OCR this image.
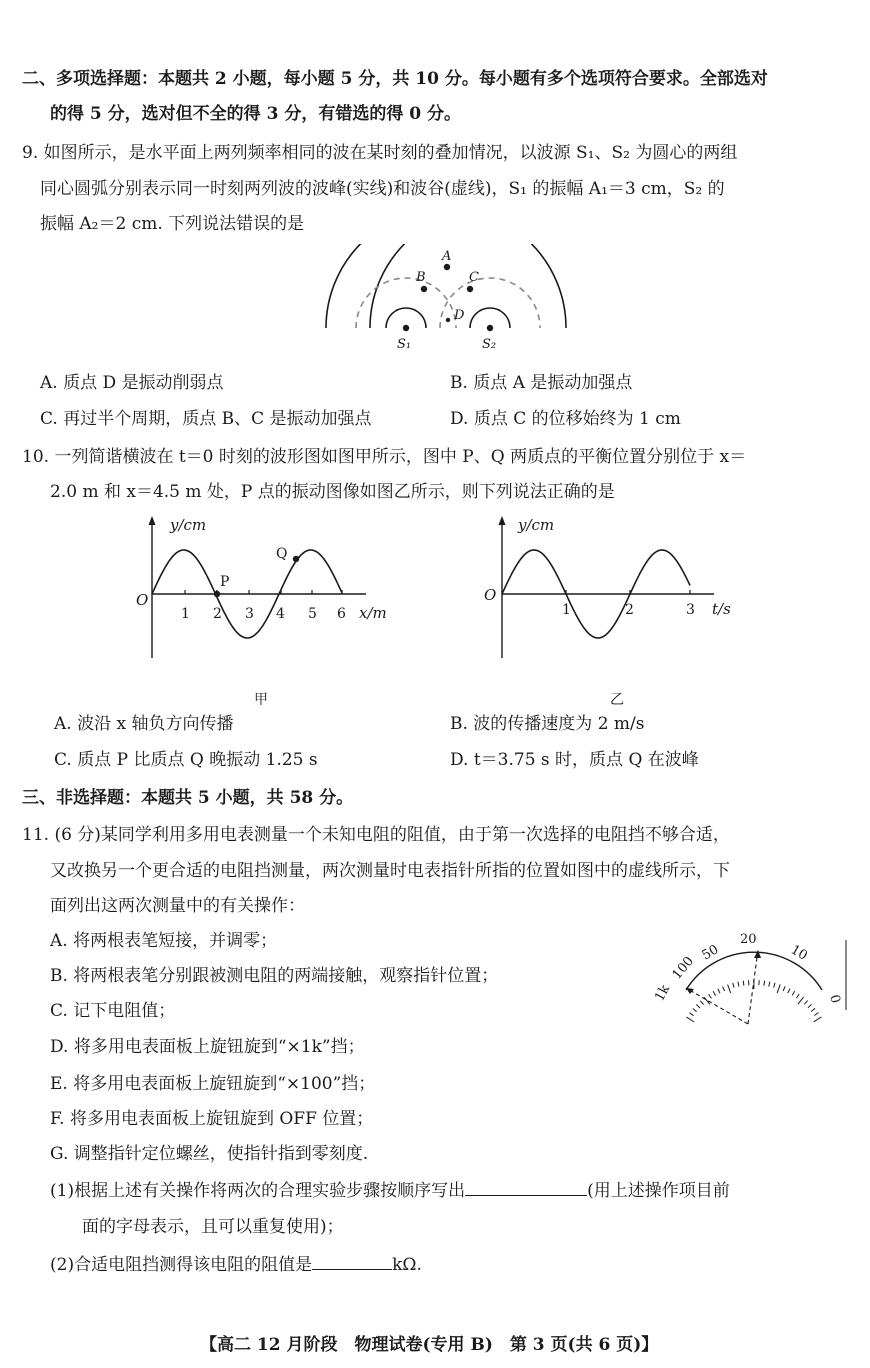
二、多项选择题：本题共 2 小题，每小题 5 分，共 10 分。每小题有多个选项符合要求。全部选对
的得 5 分，选对但不全的得 3 分，有错选的得 0 分。
9. 如图所示，是水平面上两列频率相同的波在某时刻的叠加情况，以波源 S₁、S₂ 为圆心的两组
同心圆弧分别表示同一时刻两列波的波峰(实线)和波谷(虚线)，S₁ 的振幅 A₁＝3 cm，S₂ 的
振幅 A₂＝2 cm. 下列说法错误的是
A
B	C
D
S₁	S₂
A. 质点 D 是振动削弱点	B. 质点 A 是振动加强点
C. 再过半个周期，质点 B、C 是振动加强点	D. 质点 C 的位移始终为 1 cm
10. 一列简谐横波在 t＝0 时刻的波形图如图甲所示，图中 P、Q 两质点的平衡位置分别位于 x＝
2.0 m 和 x＝4.5 m 处，P 点的振动图像如图乙所示，则下列说法正确的是
y/cm
O
x/m
P
Q
1 2 3 4 5 6
y/cm
O
t/s
1	2	3
甲	乙
A. 波沿 x 轴负方向传播	B. 波的传播速度为 2 m/s
C. 质点 P 比质点 Q 晚振动 1.25 s	D. t＝3.75 s 时，质点 Q 在波峰
三、非选择题：本题共 5 小题，共 58 分。
11. (6 分)某同学利用多用电表测量一个未知电阻的阻值，由于第一次选择的电阻挡不够合适，
又改换另一个更合适的电阻挡测量，两次测量时电表指针所指的位置如图中的虚线所示，下
面列出这两次测量中的有关操作：
A. 将两根表笔短接，并调零；
B. 将两根表笔分别跟被测电阻的两端接触，观察指针位置；
C. 记下电阻值；
D. 将多用电表面板上旋钮旋到“×1k”挡；
E. 将多用电表面板上旋钮旋到“×100”挡；
F. 将多用电表面板上旋钮旋到 OFF 位置；
G. 调整指针定位螺丝，使指针指到零刻度.
1k
100
50
20
10
0
(1)根据上述有关操作将两次的合理实验步骤按顺序写出	(用上述操作项目前
面的字母表示，且可以重复使用)；
(2)合适电阻挡测得该电阻的阻值是	kΩ.
【高二 12 月阶段　物理试卷(专用 B)　第 3 页(共 6 页)】
